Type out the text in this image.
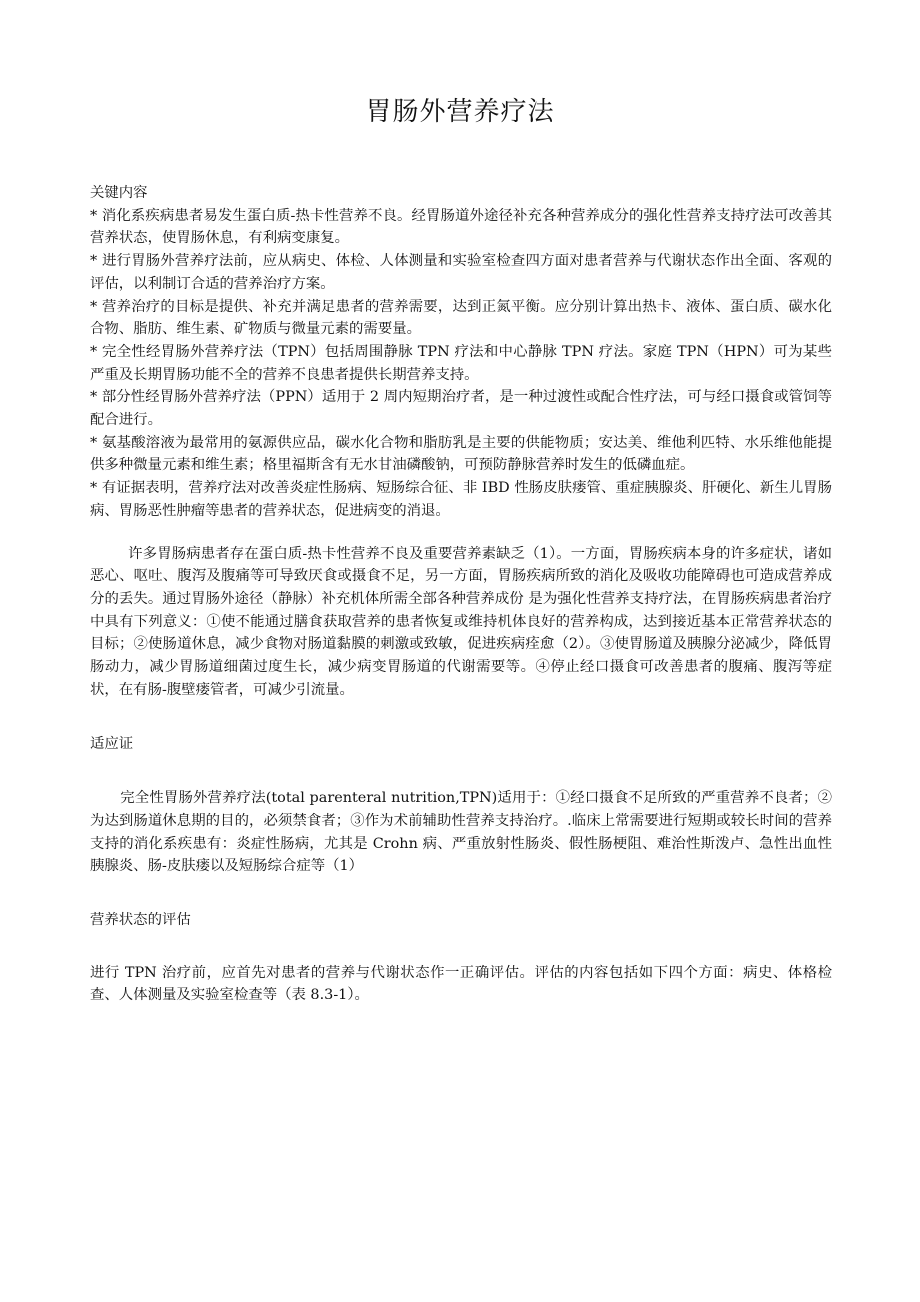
胃肠外营养疗法

关键内容

* 消化系疾病患者易发生蛋白质-热卡性营养不良。经胃肠道外途径补充各种营养成分的强化性营养支持疗法可改善其营养状态，使胃肠休息，有利病变康复。

* 进行胃肠外营养疗法前，应从病史、体检、人体测量和实验室检查四方面对患者营养与代谢状态作出全面、客观的评估，以利制订合适的营养治疗方案。

* 营养治疗的目标是提供、补充并满足患者的营养需要，达到正氮平衡。应分别计算出热卡、液体、蛋白质、碳水化合物、脂肪、维生素、矿物质与微量元素的需要量。

* 完全性经胃肠外营养疗法（TPN）包括周围静脉 TPN 疗法和中心静脉 TPN 疗法。家庭 TPN（HPN）可为某些严重及长期胃肠功能不全的营养不良患者提供长期营养支持。

* 部分性经胃肠外营养疗法（PPN）适用于 2 周内短期治疗者，是一种过渡性或配合性疗法，可与经口摄食或管饲等配合进行。

* 氨基酸溶液为最常用的氨源供应品，碳水化合物和脂肪乳是主要的供能物质；安达美、维他利匹特、水乐维他能提供多种微量元素和维生素；格里福斯含有无水甘油磷酸钠，可预防静脉营养时发生的低磷血症。

* 有证据表明，营养疗法对改善炎症性肠病、短肠综合征、非 IBD 性肠皮肤瘘管、重症胰腺炎、肝硬化、新生儿胃肠病、胃肠恶性肿瘤等患者的营养状态，促进病变的消退。

许多胃肠病患者存在蛋白质-热卡性营养不良及重要营养素缺乏（1）。一方面，胃肠疾病本身的许多症状，诸如恶心、呕吐、腹泻及腹痛等可导致厌食或摄食不足，另一方面，胃肠疾病所致的消化及吸收功能障碍也可造成营养成分的丢失。通过胃肠外途径（静脉）补充机体所需全部各种营养成份 是为强化性营养支持疗法，在胃肠疾病患者治疗中具有下列意义：①使不能通过膳食获取营养的患者恢复或维持机体良好的营养构成，达到接近基本正常营养状态的目标；②使肠道休息，减少食物对肠道黏膜的刺激或致敏，促进疾病痊愈（2）。③使胃肠道及胰腺分泌减少，降低胃肠动力，减少胃肠道细菌过度生长，减少病变胃肠道的代谢需要等。④停止经口摄食可改善患者的腹痛、腹泻等症状，在有肠-腹壁瘘管者，可减少引流量。

适应证

完全性胃肠外营养疗法(total parenteral nutrition,TPN)适用于：①经口摄食不足所致的严重营养不良者；②为达到肠道休息期的目的，必须禁食者；③作为术前辅助性营养支持治疗。.临床上常需要进行短期或较长时间的营养支持的消化系疾患有：炎症性肠病，尤其是 Crohn 病、严重放射性肠炎、假性肠梗阻、难治性斯泼卢、急性出血性胰腺炎、肠-皮肤瘘以及短肠综合症等（1）

营养状态的评估

进行 TPN 治疗前，应首先对患者的营养与代谢状态作一正确评估。评估的内容包括如下四个方面：病史、体格检查、人体测量及实验室检查等（表 8.3-1）。
